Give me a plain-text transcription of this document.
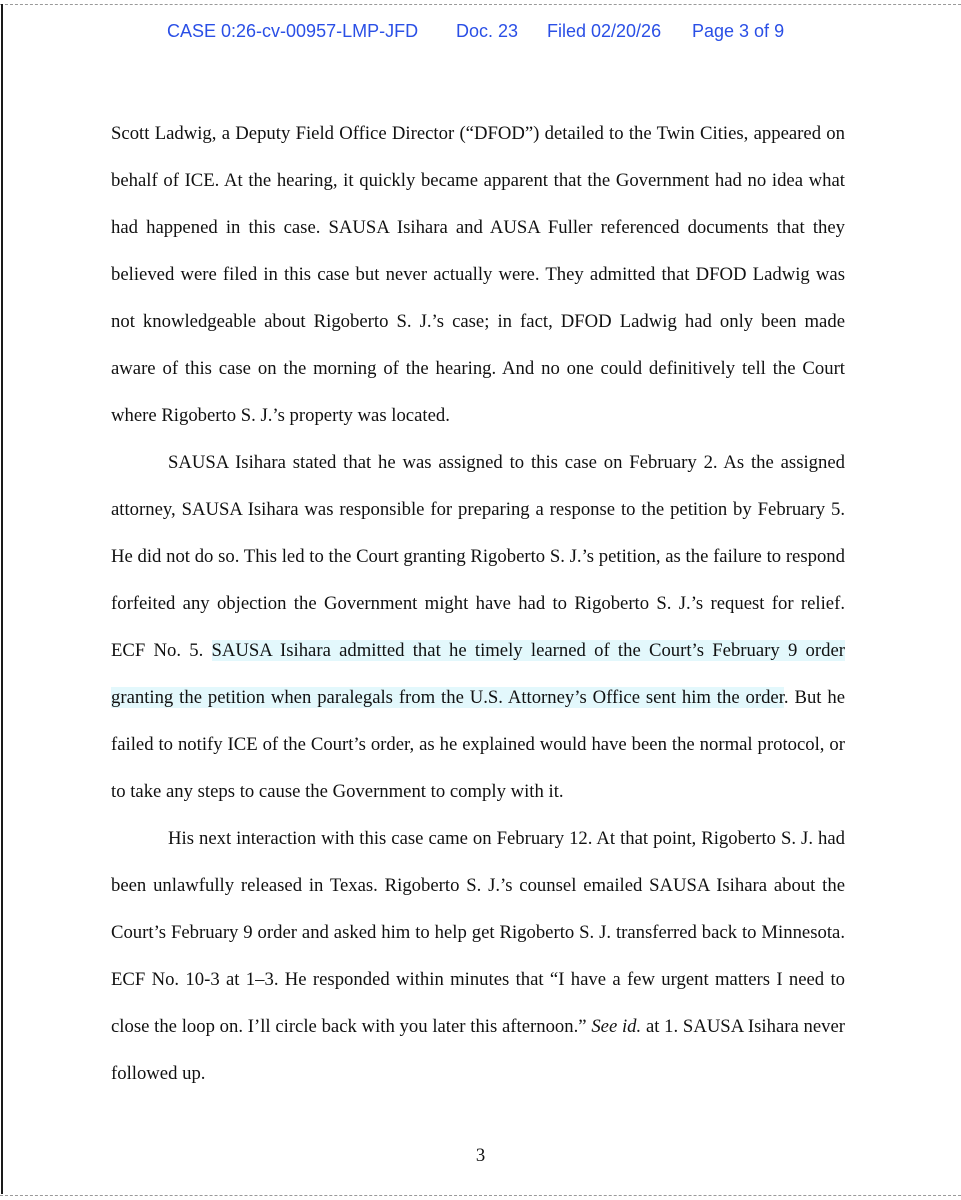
CASE 0:26-cv-00957-LMP-JFD Doc. 23 Filed 02/20/26 Page 3 of 9

Scott Ladwig, a Deputy Field Office Director (“DFOD”) detailed to the Twin Cities, appeared on behalf of ICE. At the hearing, it quickly became apparent that the Government had no idea what had happened in this case. SAUSA Isihara and AUSA Fuller referenced documents that they believed were filed in this case but never actually were. They admitted that DFOD Ladwig was not knowledgeable about Rigoberto S. J.’s case; in fact, DFOD Ladwig had only been made aware of this case on the morning of the hearing. And no one could definitively tell the Court where Rigoberto S. J.’s property was located.

SAUSA Isihara stated that he was assigned to this case on February 2. As the assigned attorney, SAUSA Isihara was responsible for preparing a response to the petition by February 5. He did not do so. This led to the Court granting Rigoberto S. J.’s petition, as the failure to respond forfeited any objection the Government might have had to Rigoberto S. J.’s request for relief. ECF No. 5. SAUSA Isihara admitted that he timely learned of the Court’s February 9 order granting the petition when paralegals from the U.S. Attorney’s Office sent him the order. But he failed to notify ICE of the Court’s order, as he explained would have been the normal protocol, or to take any steps to cause the Government to comply with it.

His next interaction with this case came on February 12. At that point, Rigoberto S. J. had been unlawfully released in Texas. Rigoberto S. J.’s counsel emailed SAUSA Isihara about the Court’s February 9 order and asked him to help get Rigoberto S. J. transferred back to Minnesota. ECF No. 10-3 at 1–3. He responded within minutes that “I have a few urgent matters I need to close the loop on. I’ll circle back with you later this afternoon.” See id. at 1. SAUSA Isihara never followed up.

3
